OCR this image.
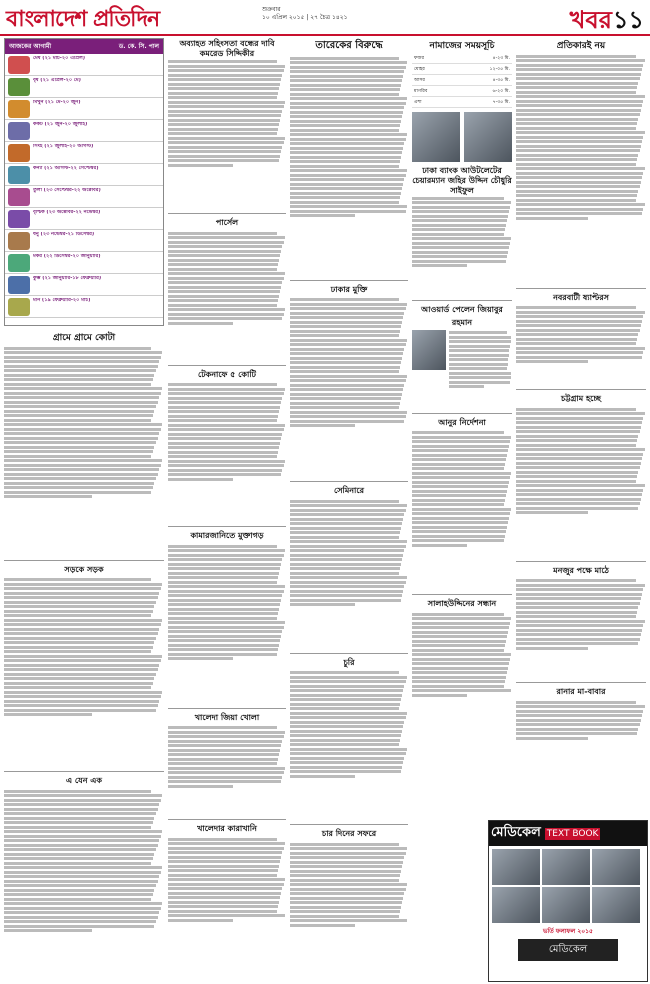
বাংলাদেশ প্রতিদিন	শুক্রবার
১০ এপ্রিল ২০১৫ | ২৭ চৈত্র ১৪২১	খবর ১১
আজকের আগামী	ড. কে. সি. পাল
মেষ (২১ মার্চ-২০ এপ্রিল)
বৃষ (২১ এপ্রিল-২০ মে)
মিথুন (২১ মে-২০ জুন)
কর্কট (২১ জুন-২০ জুলাই)
সিংহ (২১ জুলাই-২০ আগস্ট)
কন্যা (২১ আগস্ট-২২ সেপ্টেম্বর)
তুলা (২৩ সেপ্টেম্বর-২২ অক্টোবর)
বৃশ্চিক (২৩ অক্টোবর-২২ নভেম্বর)
ধনু (২৩ নভেম্বর-২১ ডিসেম্বর)
মকর (২২ ডিসেম্বর-২০ জানুয়ারি)
কুম্ভ (২১ জানুয়ারি-১৮ ফেব্রুয়ারি)
মীন (১৯ ফেব্রুয়ারি-২০ মার্চ)
গ্রামে গ্রামে কোটা
সড়কে সড়ক
এ যেন এক
অব্যাহত সহিংসতা বন্ধের দাবি কমরেড সিদ্দিকীর
পার্সেল
টেকনাফে ৫ কোটি
কামারজানিতে মুক্তাগড়
খালেদা জিয়া খোলা
খালেদার কারাখানি
তারেকের বিরুদ্ধে
ঢাকার মুক্তি
সেমিনারে
চুরি
চার দিনের সফরে
নামাজের সময়সূচি
ফজর	৪-২৩ মি.
যোহর	১২-০৫ মি.
আসর	৪-৩৫ মি.
মাগরিব	৬-২০ মি.
এশা	৭-৩৫ মি.
ঢাকা ব্যাংক আউটলেটের চেয়ারম্যান জহির উদ্দিন চৌধুরি সাইফুল
আওয়ার্ড পেলেন জিয়াবুর রহমান
আনুর নির্দেশনা
সালাহউদ্দিনের সন্ধান
প্রতিকারই নয়
নবরবাটী ষ্যাপ্টরস
চট্টগ্রাম হচ্ছে
মনজুর পক্ষে মাঠে
রানার মা-বাবার
মেডিকেল TEXT BOOK
ভর্তি ফলাফল ২০১৫
মেডিকেল
